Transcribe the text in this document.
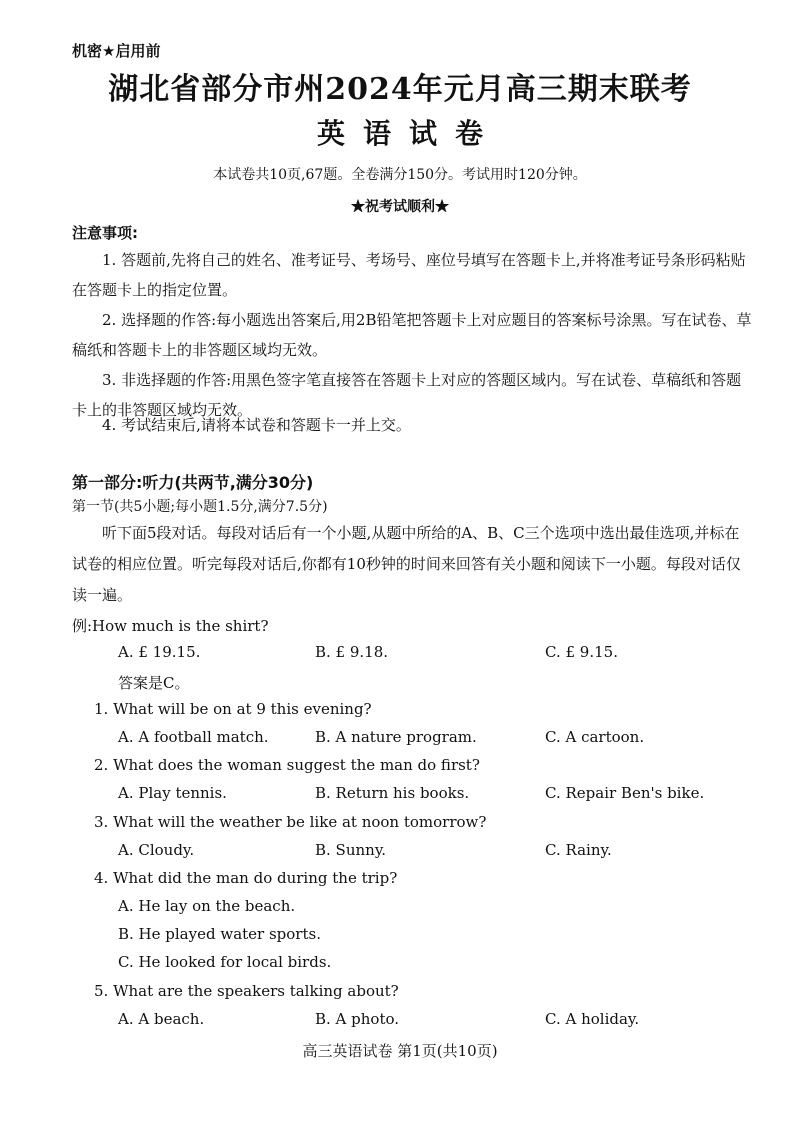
机密★启用前
湖北省部分市州2024年元月高三期末联考
英语试卷
本试卷共10页,67题。全卷满分150分。考试用时120分钟。
★祝考试顺利★
注意事项:
1. 答题前,先将自己的姓名、准考证号、考场号、座位号填写在答题卡上,并将准考证号条形码粘贴在答题卡上的指定位置。
2. 选择题的作答:每小题选出答案后,用2B铅笔把答题卡上对应题目的答案标号涂黑。写在试卷、草稿纸和答题卡上的非答题区域均无效。
3. 非选择题的作答:用黑色签字笔直接答在答题卡上对应的答题区域内。写在试卷、草稿纸和答题卡上的非答题区域均无效。
4. 考试结束后,请将本试卷和答题卡一并上交。
第一部分:听力(共两节,满分30分)
第一节(共5小题;每小题1.5分,满分7.5分)
听下面5段对话。每段对话后有一个小题,从题中所给的A、B、C三个选项中选出最佳选项,并标在试卷的相应位置。听完每段对话后,你都有10秒钟的时间来回答有关小题和阅读下一小题。每段对话仅读一遍。
例:How much is the shirt?
A. £ 19.15.	B. £ 9.18.	C. £ 9.15.
答案是C。
1. What will be on at 9 this evening?
A. A football match.	B. A nature program.	C. A cartoon.
2. What does the woman suggest the man do first?
A. Play tennis.	B. Return his books.	C. Repair Ben's bike.
3. What will the weather be like at noon tomorrow?
A. Cloudy.	B. Sunny.	C. Rainy.
4. What did the man do during the trip?
A. He lay on the beach.
B. He played water sports.
C. He looked for local birds.
5. What are the speakers talking about?
A. A beach.	B. A photo.	C. A holiday.
高三英语试卷 第1页(共10页)
